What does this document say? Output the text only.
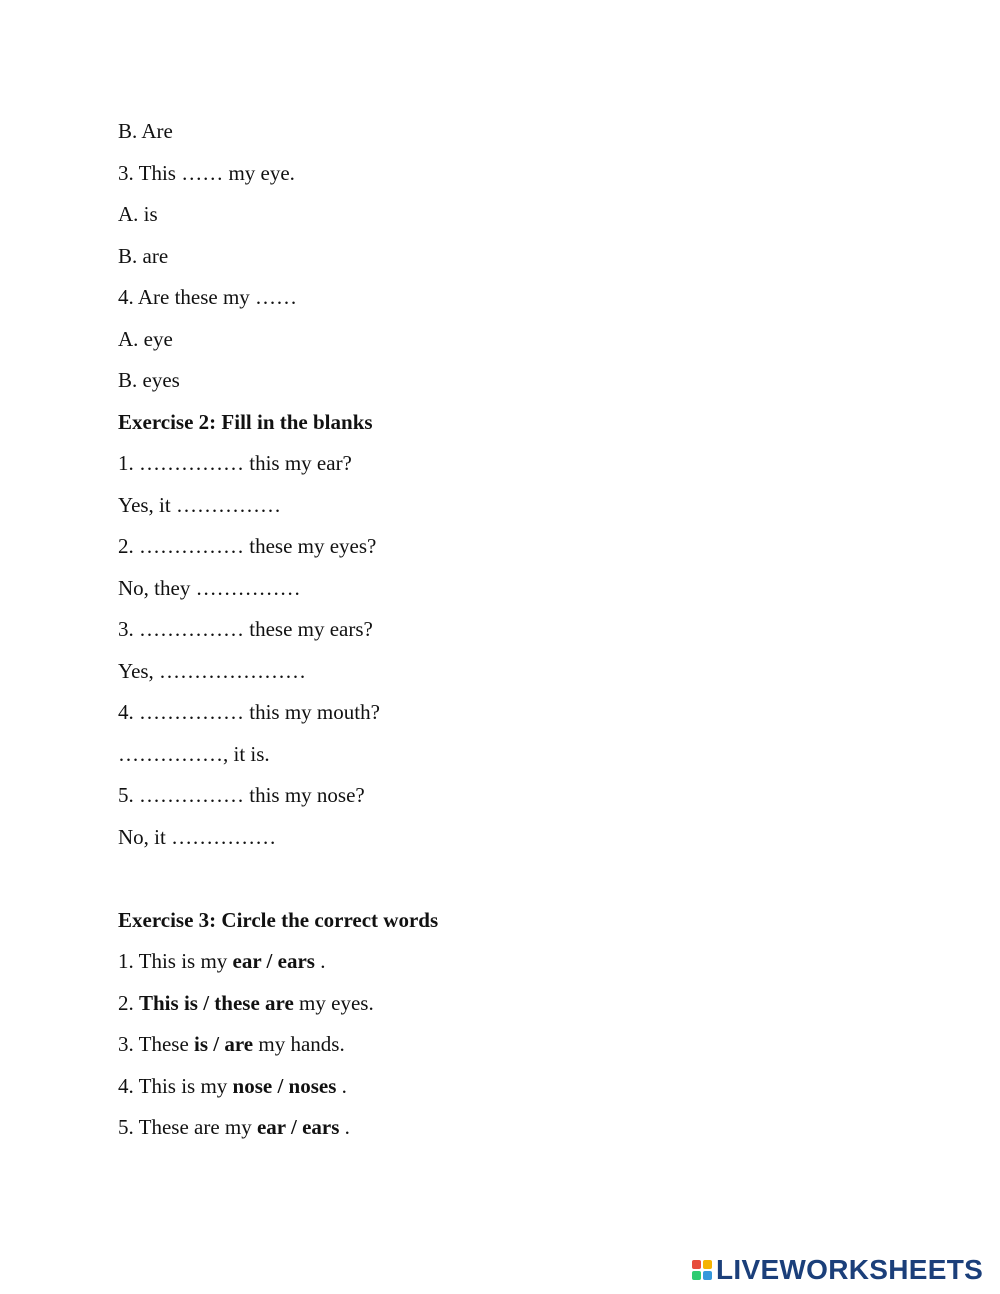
B. Are
3. This …… my eye.
A. is
B. are
4. Are these my ……
A. eye
B. eyes
Exercise 2: Fill in the blanks
1. …………… this my ear?
Yes, it ……………
2. …………… these my eyes?
No, they ……………
3. …………… these my ears?
Yes, …………………
4. …………… this my mouth?
……………, it is.
5. …………… this my nose?
No, it ……………
Exercise 3: Circle the correct words
1. This is my ear / ears .
2. This is / these are my eyes.
3. These is / are my hands.
4. This is my nose / noses .
5. These are my ear / ears .
LIVEWORKSHEETS
